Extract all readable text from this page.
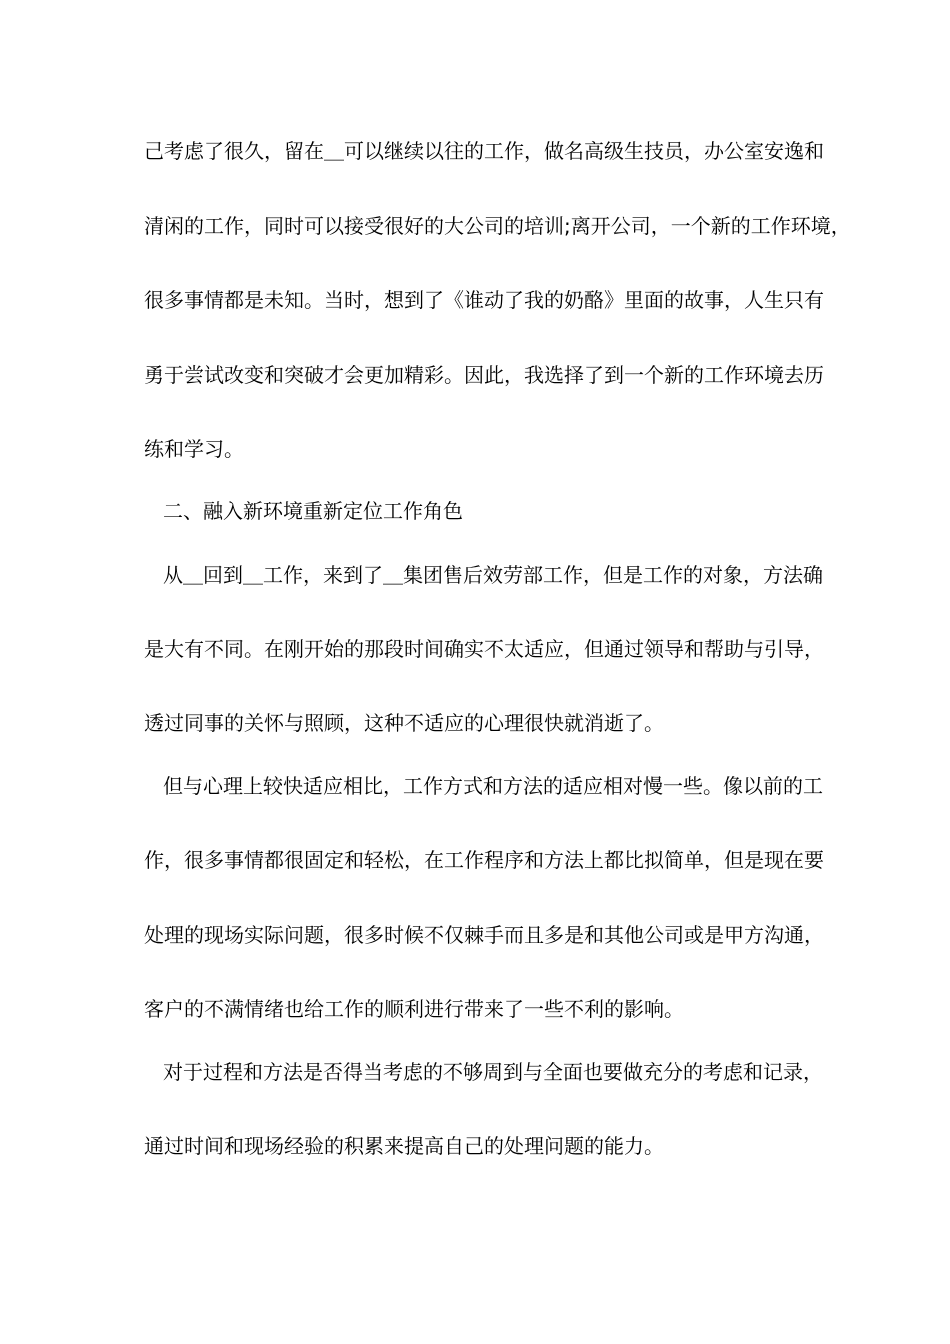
己考虑了很久，留在＿可以继续以往的工作，做名高级生技员，办公室安逸和

清闲的工作，同时可以接受很好的大公司的培训;离开公司，一个新的工作环境，

很多事情都是未知。当时，想到了《谁动了我的奶酪》里面的故事，人生只有

勇于尝试改变和突破才会更加精彩。因此，我选择了到一个新的工作环境去历

练和学习。

二、融入新环境重新定位工作角色

从＿回到＿工作，来到了＿集团售后效劳部工作，但是工作的对象，方法确

是大有不同。在刚开始的那段时间确实不太适应，但通过领导和帮助与引导，

透过同事的关怀与照顾，这种不适应的心理很快就消逝了。

但与心理上较快适应相比，工作方式和方法的适应相对慢一些。像以前的工

作，很多事情都很固定和轻松，在工作程序和方法上都比拟简单，但是现在要

处理的现场实际问题，很多时候不仅棘手而且多是和其他公司或是甲方沟通，

客户的不满情绪也给工作的顺利进行带来了一些不利的影响。

对于过程和方法是否得当考虑的不够周到与全面也要做充分的考虑和记录，

通过时间和现场经验的积累来提高自己的处理问题的能力。
